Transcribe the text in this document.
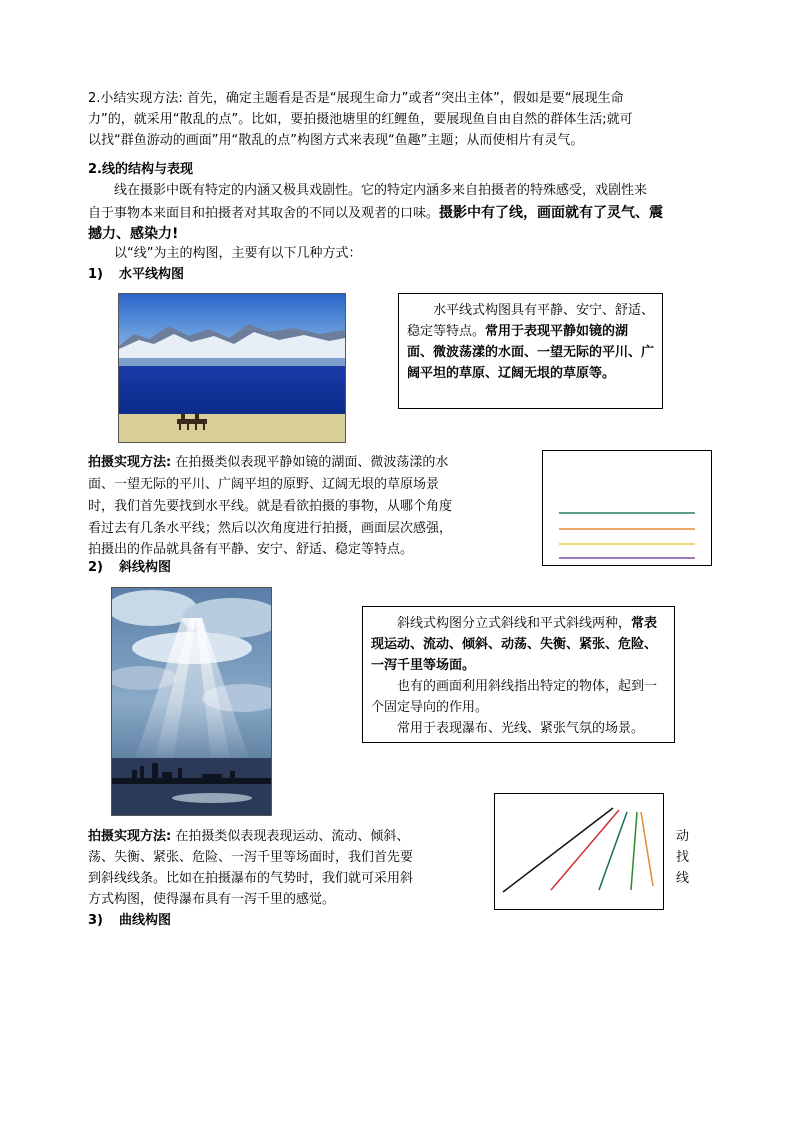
2.小结实现方法: 首先，确定主题看是否是“展现生命力”或者“突出主体”，假如是要“展现生命
力”的，就采用“散乱的点”。比如，要拍摄池塘里的红鲤鱼，要展现鱼自由自然的群体生活;就可
以找“群鱼游动的画面”用“散乱的点”构图方式来表现“鱼趣”主题；从而使相片有灵气。
2.线的结构与表现
线在摄影中既有特定的内涵又极具戏剧性。它的特定内涵多来自拍摄者的特殊感受，戏剧性来
自于事物本来面目和拍摄者对其取舍的不同以及观者的口味。摄影中有了线，画面就有了灵气、震
撼力、感染力!
以“线”为主的构图，主要有以下几种方式：
1) 水平线构图

水平线式构图具有平静、安宁、舒适、稳定等特点。常用于表现平静如镜的湖面、微波荡漾的水面、一望无际的平川、广阔平坦的草原、辽阔无垠的草原等。

拍摄实现方法: 在拍摄类似表现平静如镜的湖面、微波荡漾的水
面、一望无际的平川、广阔平坦的原野、辽阔无垠的草原场景
时，我们首先要找到水平线。就是看欲拍摄的事物，从哪个角度
看过去有几条水平线；然后以次角度进行拍摄，画面层次感强，
拍摄出的作品就具备有平静、安宁、舒适、稳定等特点。
2) 斜线构图

斜线式构图分立式斜线和平式斜线两种，常表现运动、流动、倾斜、动荡、失衡、紧张、危险、一泻千里等场面。

也有的画面利用斜线指出特定的物体，起到一个固定导向的作用。

常用于表现瀑布、光线、紧张气氛的场景。

拍摄实现方法: 在拍摄类似表现表现运动、流动、倾斜、	动
荡、失衡、紧张、危险、一泻千里等场面时，我们首先要	找
到斜线线条。比如在拍摄瀑布的气势时，我们就可采用斜	线
方式构图，使得瀑布具有一泻千里的感觉。
3) 曲线构图
